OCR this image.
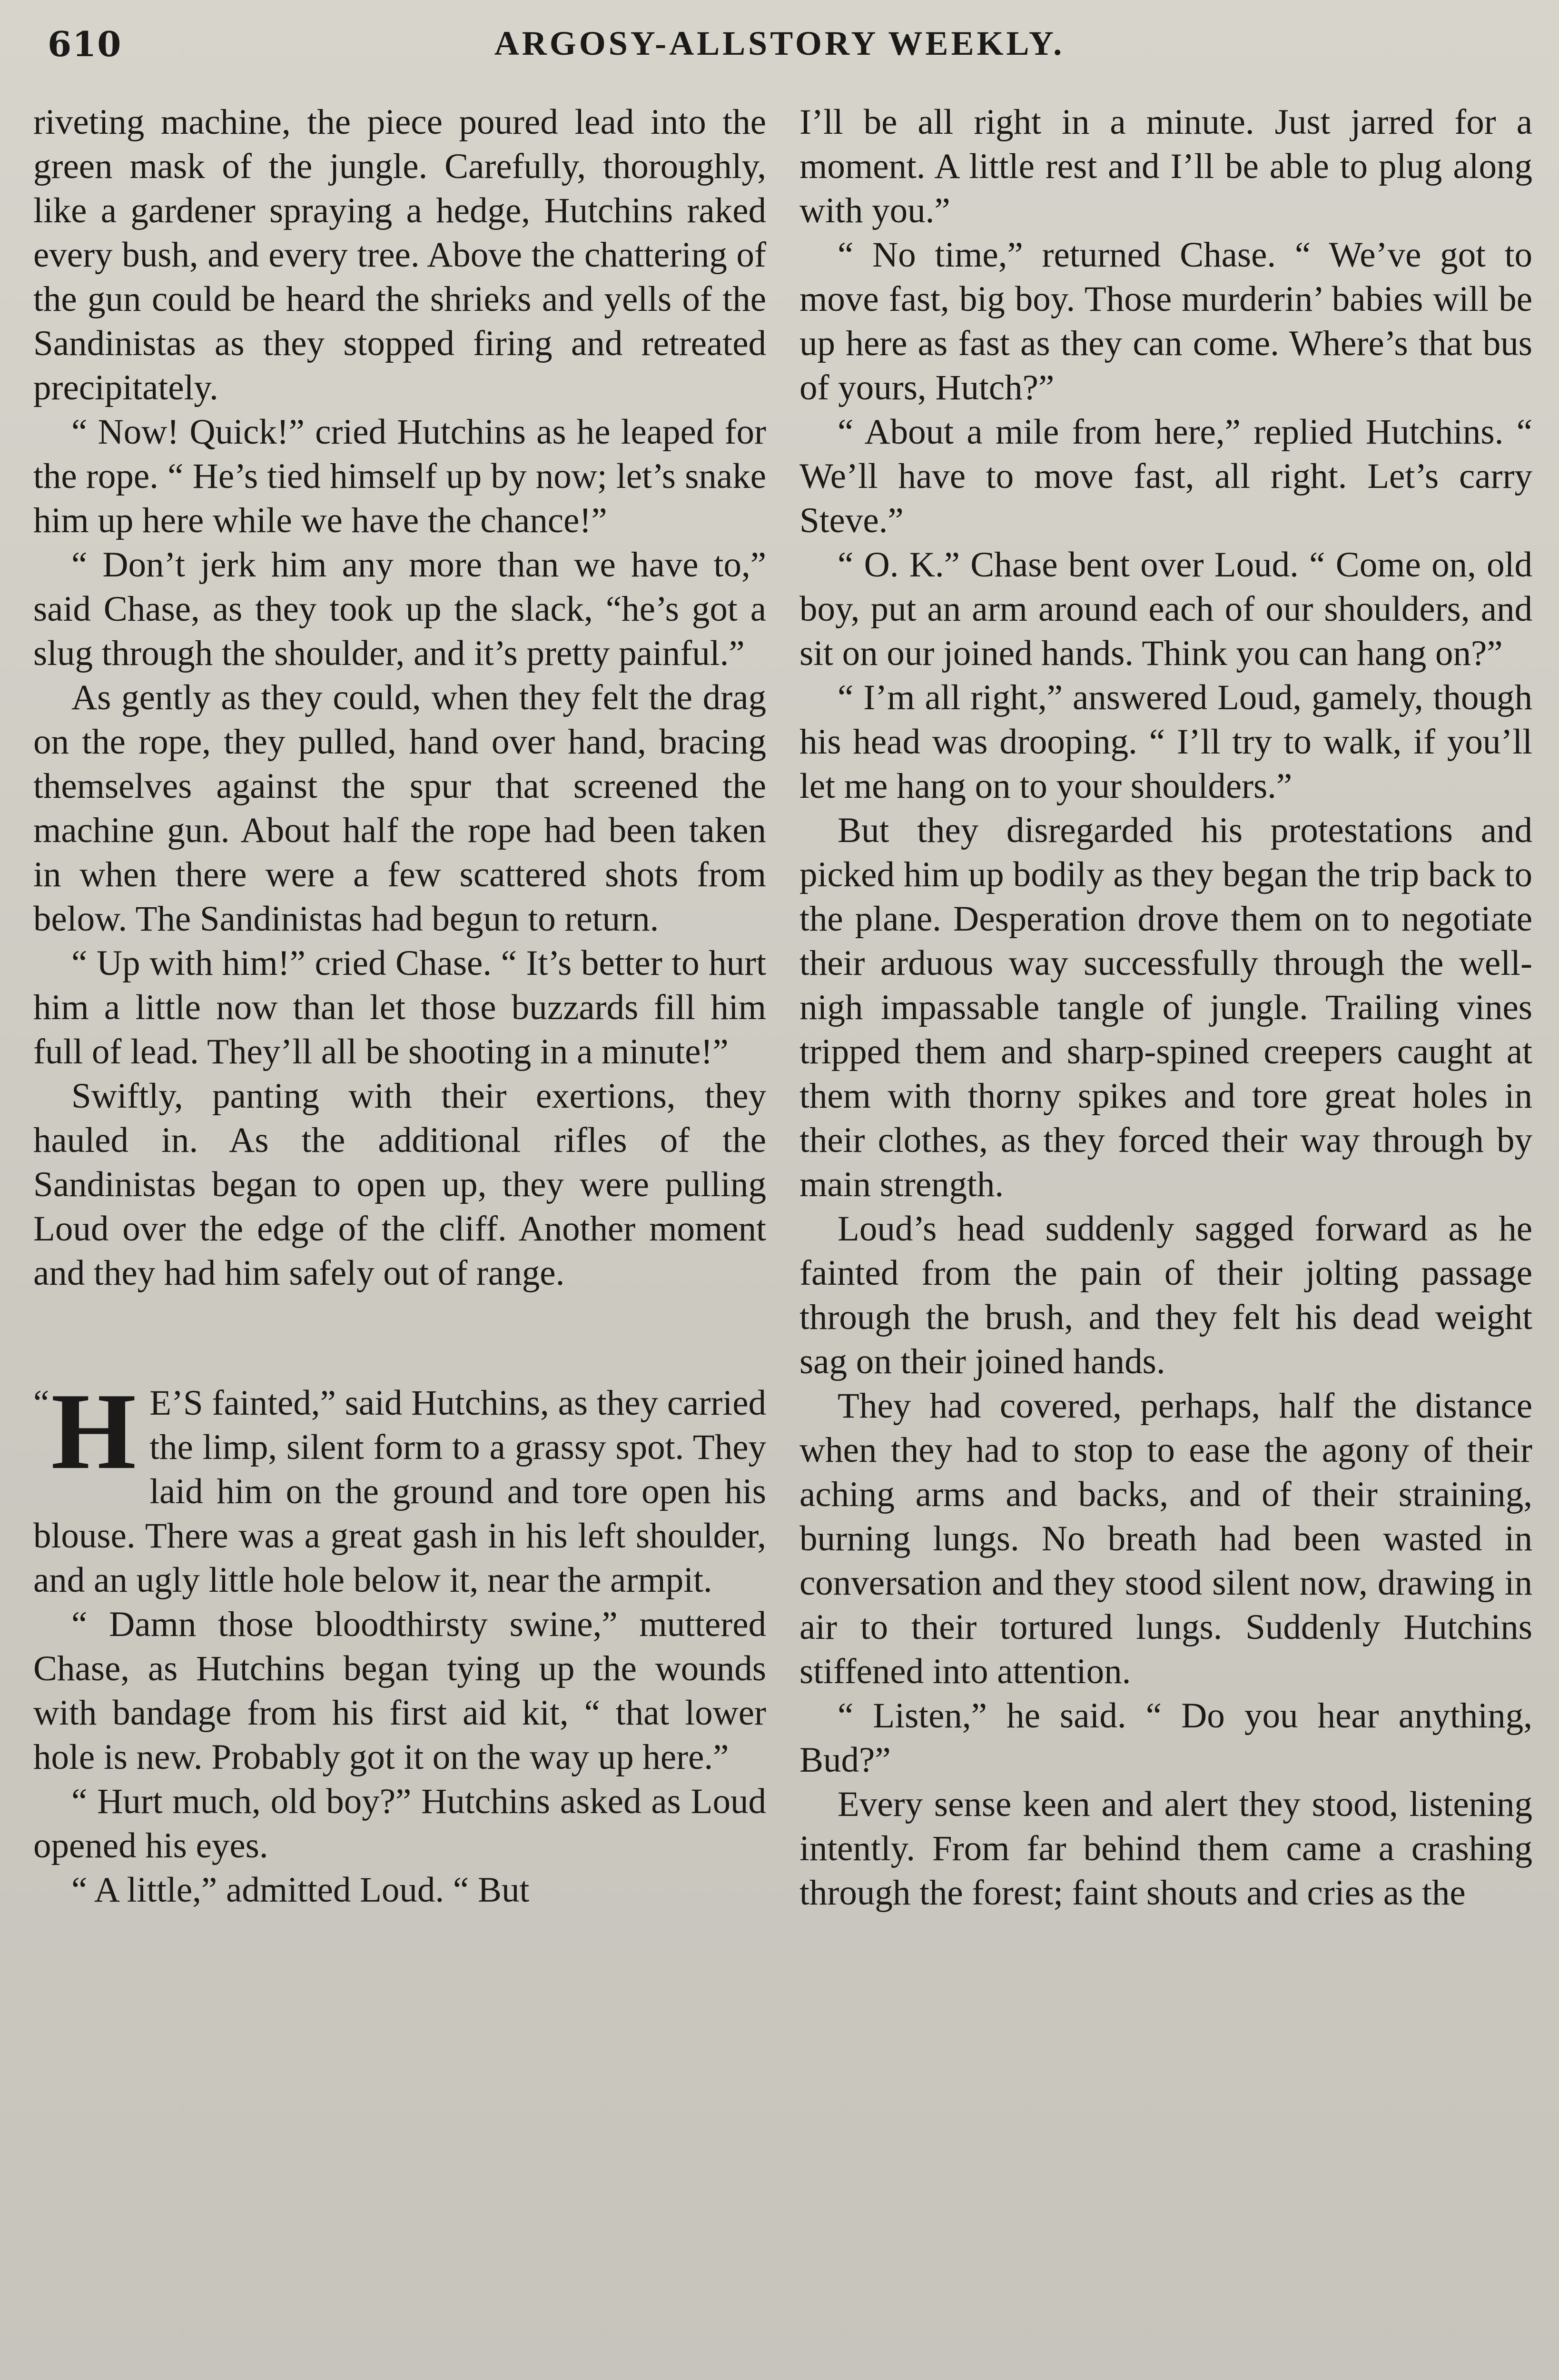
610	ARGOSY-ALLSTORY WEEKLY.

riveting machine, the piece poured lead into the green mask of the jungle. Carefully, thoroughly, like a gardener spraying a hedge, Hutchins raked every bush, and every tree. Above the chattering of the gun could be heard the shrieks and yells of the Sandinistas as they stopped firing and retreated precipitately.

“ Now! Quick!” cried Hutchins as he leaped for the rope. “ He’s tied himself up by now; let’s snake him up here while we have the chance!”

“ Don’t jerk him any more than we have to,” said Chase, as they took up the slack, “he’s got a slug through the shoulder, and it’s pretty painful.”

As gently as they could, when they felt the drag on the rope, they pulled, hand over hand, bracing themselves against the spur that screened the machine gun. About half the rope had been taken in when there were a few scattered shots from below. The Sandinistas had begun to return.

“ Up with him!” cried Chase. “ It’s better to hurt him a little now than let those buzzards fill him full of lead. They’ll all be shooting in a minute!”

Swiftly, panting with their exertions, they hauled in. As the additional rifles of the Sandinistas began to open up, they were pulling Loud over the edge of the cliff. Another moment and they had him safely out of range.

“ H E’S fainted,” said Hutchins, as they carried the limp, silent form to a grassy spot. They laid him on the ground and tore open his blouse. There was a great gash in his left shoulder, and an ugly little hole below it, near the armpit.

“ Damn those bloodthirsty swine,” muttered Chase, as Hutchins began tying up the wounds with bandage from his first aid kit, “ that lower hole is new. Probably got it on the way up here.”

“ Hurt much, old boy?” Hutchins asked as Loud opened his eyes.

“ A little,” admitted Loud. “ But

I’ll be all right in a minute. Just jarred for a moment. A little rest and I’ll be able to plug along with you.”

“ No time,” returned Chase. “ We’ve got to move fast, big boy. Those murderin’ babies will be up here as fast as they can come. Where’s that bus of yours, Hutch?”

“ About a mile from here,” replied Hutchins. “ We’ll have to move fast, all right. Let’s carry Steve.”

“ O. K.” Chase bent over Loud. “ Come on, old boy, put an arm around each of our shoulders, and sit on our joined hands. Think you can hang on?”

“ I’m all right,” answered Loud, gamely, though his head was drooping. “ I’ll try to walk, if you’ll let me hang on to your shoulders.”

But they disregarded his protestations and picked him up bodily as they began the trip back to the plane. Desperation drove them on to negotiate their arduous way successfully through the well-nigh impassable tangle of jungle. Trailing vines tripped them and sharp-spined creepers caught at them with thorny spikes and tore great holes in their clothes, as they forced their way through by main strength.

Loud’s head suddenly sagged forward as he fainted from the pain of their jolting passage through the brush, and they felt his dead weight sag on their joined hands.

They had covered, perhaps, half the distance when they had to stop to ease the agony of their aching arms and backs, and of their straining, burning lungs. No breath had been wasted in conversation and they stood silent now, drawing in air to their tortured lungs. Suddenly Hutchins stiffened into attention.

“ Listen,” he said. “ Do you hear anything, Bud?”

Every sense keen and alert they stood, listening intently. From far behind them came a crashing through the forest; faint shouts and cries as the
